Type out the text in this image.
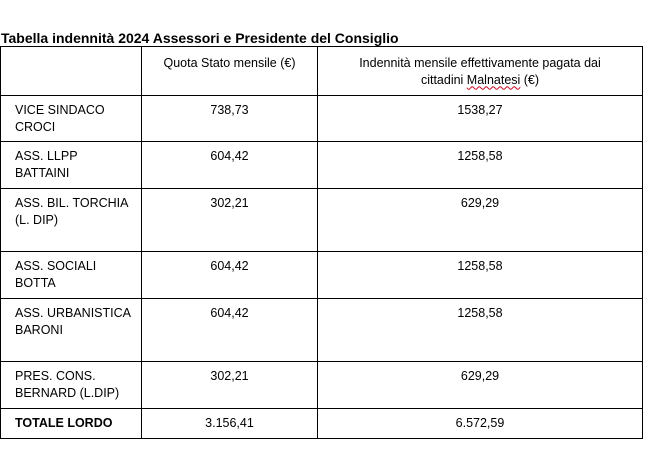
Tabella indennità 2024 Assessori e Presidente del Consiglio

	Quota Stato mensile (€)	Indennità mensile effettivamente pagata dai cittadini Malnatesi (€)

VICE SINDACO CROCI	738,73	1538,27

ASS. LLPP BATTAINI	604,42	1258,58

ASS. BIL. TORCHIA  (L. DIP)	302,21	629,29

ASS. SOCIALI BOTTA	604,42	1258,58

ASS. URBANISTICA BARONI	604,42	1258,58

PRES. CONS. BERNARD (L.DIP)	302,21	629,29

TOTALE LORDO	3.156,41	6.572,59
